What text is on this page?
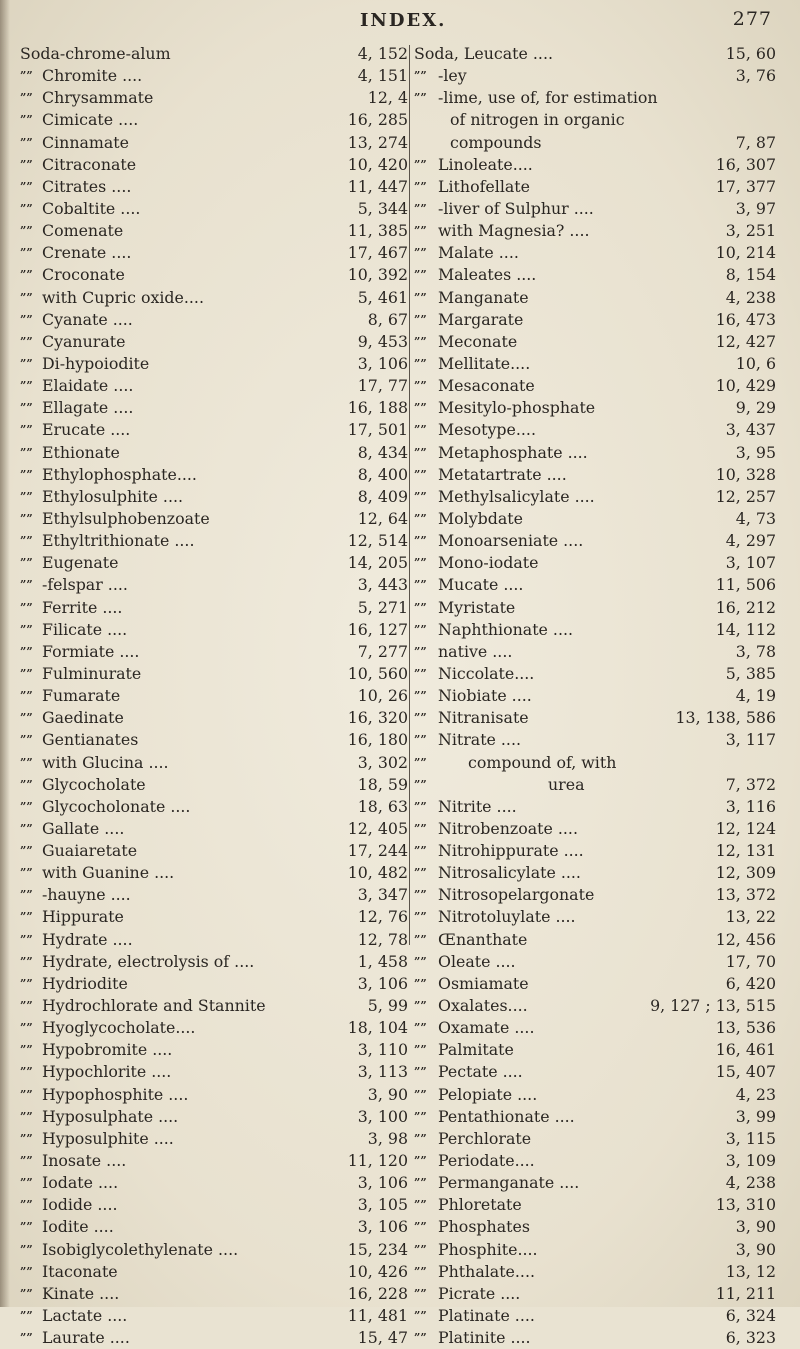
INDEX.	277
Soda-chrome-alum	4, 152
”” Chromite ....	4, 151
”” Chrysammate	12, 4
”” Cimicate ....	16, 285
”” Cinnamate	13, 274
”” Citraconate	10, 420
”” Citrates ....	11, 447
”” Cobaltite ....	5, 344
”” Comenate	11, 385
”” Crenate ....	17, 467
”” Croconate	10, 392
”” with Cupric oxide....	5, 461
”” Cyanate ....	8, 67
”” Cyanurate	9, 453
”” Di-hypoiodite	3, 106
”” Elaidate ....	17, 77
”” Ellagate ....	16, 188
”” Erucate ....	17, 501
”” Ethionate	8, 434
”” Ethylophosphate....	8, 400
”” Ethylosulphite ....	8, 409
”” Ethylsulphobenzoate	12, 64
”” Ethyltrithionate ....	12, 514
”” Eugenate	14, 205
”” -felspar ....	3, 443
”” Ferrite ....	5, 271
”” Filicate ....	16, 127
”” Formiate ....	7, 277
”” Fulminurate	10, 560
”” Fumarate	10, 26
”” Gaedinate	16, 320
”” Gentianates	16, 180
”” with Glucina ....	3, 302
”” Glycocholate	18, 59
”” Glycocholonate ....	18, 63
”” Gallate ....	12, 405
”” Guaiaretate	17, 244
”” with Guanine ....	10, 482
”” -hauyne ....	3, 347
”” Hippurate	12, 76
”” Hydrate ....	12, 78
”” Hydrate, electrolysis of ....	1, 458
”” Hydriodite	3, 106
”” Hydrochlorate and Stannite	5, 99
”” Hyoglycocholate....	18, 104
”” Hypobromite ....	3, 110
”” Hypochlorite ....	3, 113
”” Hypophosphite ....	3, 90
”” Hyposulphate ....	3, 100
”” Hyposulphite ....	3, 98
”” Inosate ....	11, 120
”” Iodate ....	3, 106
”” Iodide ....	3, 105
”” Iodite ....	3, 106
”” Isobiglycolethylenate ....	15, 234
”” Itaconate	10, 426
”” Kinate ....	16, 228
”” Lactate ....	11, 481
”” Laurate ....	15, 47
Soda, Leucate ....	15, 60
”” -ley	3, 76
”” -lime, use of, for estimation
of nitrogen in organic
compounds	7, 87
”” Linoleate....	16, 307
”” Lithofellate	17, 377
”” -liver of Sulphur ....	3, 97
”” with Magnesia? ....	3, 251
”” Malate ....	10, 214
”” Maleates ....	8, 154
”” Manganate	4, 238
”” Margarate	16, 473
”” Meconate	12, 427
”” Mellitate....	10, 6
”” Mesaconate	10, 429
”” Mesitylo-phosphate	9, 29
”” Mesotype....	3, 437
”” Metaphosphate ....	3, 95
”” Metatartrate ....	10, 328
”” Methylsalicylate ....	12, 257
”” Molybdate	4, 73
”” Monoarseniate ....	4, 297
”” Mono-iodate	3, 107
”” Mucate ....	11, 506
”” Myristate	16, 212
”” Naphthionate ....	14, 112
”” native ....	3, 78
”” Niccolate....	5, 385
”” Niobiate ....	4, 19
”” Nitranisate	13, 138, 586
”” Nitrate ....	3, 117
””	compound of, with
””	urea	7, 372
”” Nitrite ....	3, 116
”” Nitrobenzoate ....	12, 124
”” Nitrohippurate ....	12, 131
”” Nitrosalicylate ....	12, 309
”” Nitrosopelargonate	13, 372
”” Nitrotoluylate ....	13, 22
”” Œnanthate	12, 456
”” Oleate ....	17, 70
”” Osmiamate	6, 420
”” Oxalates....	9, 127 ; 13, 515
”” Oxamate ....	13, 536
”” Palmitate	16, 461
”” Pectate ....	15, 407
”” Pelopiate ....	4, 23
”” Pentathionate ....	3, 99
”” Perchlorate	3, 115
”” Periodate....	3, 109
”” Permanganate ....	4, 238
”” Phloretate	13, 310
”” Phosphates	3, 90
”” Phosphite....	3, 90
”” Phthalate....	13, 12
”” Picrate ....	11, 211
”” Platinate ....	6, 324
”” Platinite ....	6, 323
